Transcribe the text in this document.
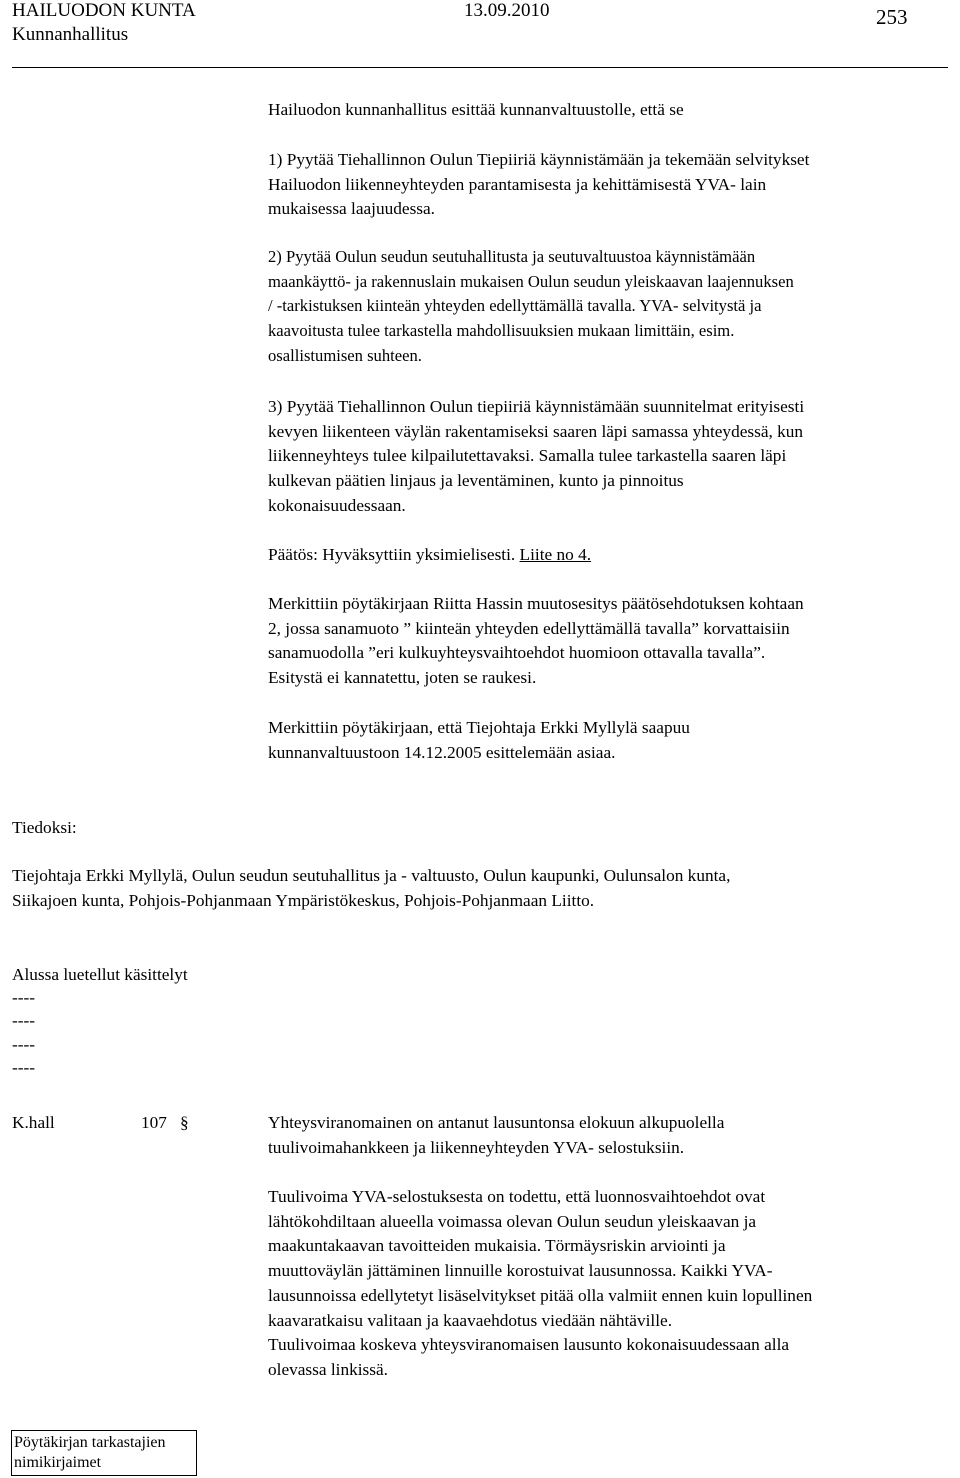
HAILUODON KUNTA	13.09.2010
Kunnanhallitus
253
Hailuodon kunnanhallitus esittää kunnanvaltuustolle, että se
1) Pyytää Tiehallinnon Oulun Tiepiiriä käynnistämään ja tekemään selvitykset
Hailuodon liikenneyhteyden parantamisesta ja kehittämisestä YVA- lain
mukaisessa laajuudessa.
2) Pyytää Oulun seudun seutuhallitusta ja seutuvaltuustoa käynnistämään
maankäyttö- ja rakennuslain mukaisen Oulun seudun yleiskaavan laajennuksen
/ -tarkistuksen kiinteän yhteyden edellyttämällä tavalla. YVA- selvitystä ja
kaavoitusta tulee tarkastella mahdollisuuksien mukaan limittäin, esim.
osallistumisen suhteen.
3) Pyytää Tiehallinnon Oulun tiepiiriä käynnistämään suunnitelmat erityisesti
kevyen liikenteen väylän rakentamiseksi saaren läpi samassa yhteydessä, kun
liikenneyhteys tulee kilpailutettavaksi. Samalla tulee tarkastella saaren läpi
kulkevan päätien linjaus ja leventäminen, kunto ja pinnoitus
kokonaisuudessaan.
Päätös: Hyväksyttiin yksimielisesti. Liite no 4.
Merkittiin pöytäkirjaan Riitta Hassin muutosesitys päätösehdotuksen kohtaan
2, jossa sanamuoto ” kiinteän yhteyden edellyttämällä tavalla” korvattaisiin
sanamuodolla ”eri kulkuyhteysvaihtoehdot huomioon ottavalla tavalla”.
Esitystä ei kannatettu, joten se raukesi.
Merkittiin pöytäkirjaan, että Tiejohtaja Erkki Myllylä saapuu
kunnanvaltuustoon 14.12.2005 esittelemään asiaa.
Tiedoksi:
Tiejohtaja Erkki Myllylä, Oulun seudun seutuhallitus ja - valtuusto, Oulun kaupunki, Oulunsalon kunta,
Siikajoen kunta, Pohjois-Pohjanmaan Ympäristökeskus, Pohjois-Pohjanmaan Liitto.
Alussa luetellut käsittelyt
----
----
----
----
K.hall	107 §	Yhteysviranomainen on antanut lausuntonsa elokuun alkupuolella
tuulivoimahankkeen ja liikenneyhteyden YVA- selostuksiin.
Tuulivoima YVA-selostuksesta on todettu, että luonnosvaihtoehdot ovat
lähtökohdiltaan alueella voimassa olevan Oulun seudun yleiskaavan ja
maakuntakaavan tavoitteiden mukaisia. Törmäysriskin arviointi ja
muuttoväylän jättäminen linnuille korostuivat lausunnossa. Kaikki YVA-
lausunnoissa edellytetyt lisäselvitykset pitää olla valmiit ennen kuin lopullinen
kaavaratkaisu valitaan ja kaavaehdotus viedään nähtäville.
Tuulivoimaa koskeva yhteysviranomaisen lausunto kokonaisuudessaan alla
olevassa linkissä.
Pöytäkirjan tarkastajien
nimikirjaimet
